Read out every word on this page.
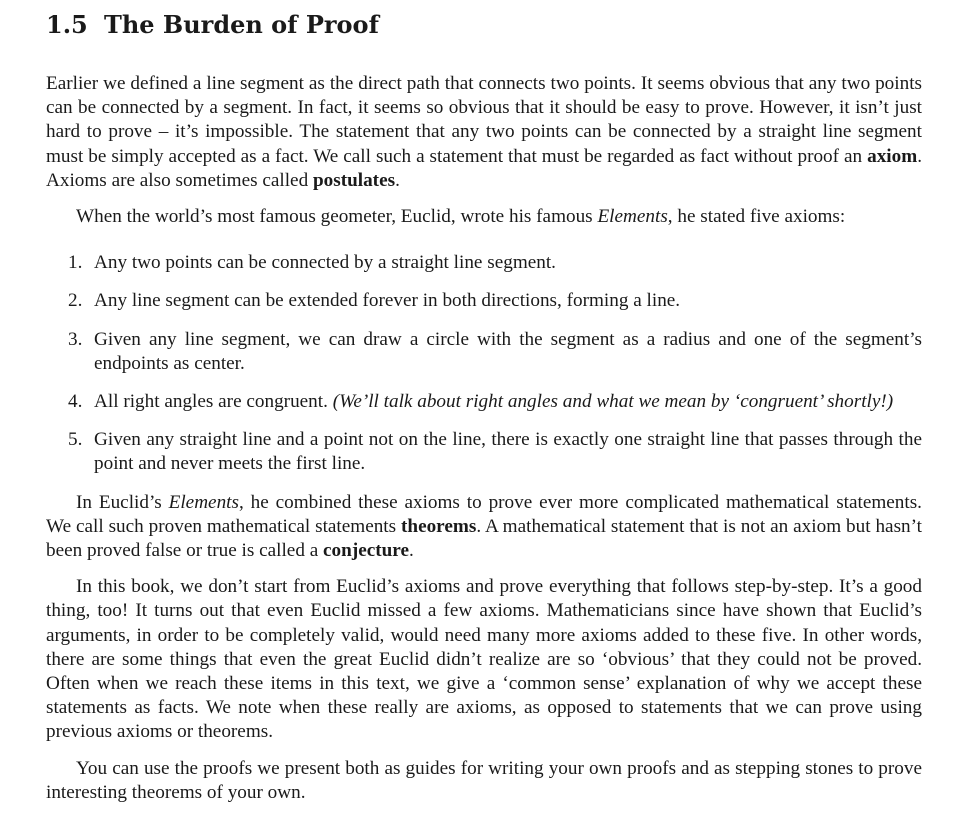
1.5 The Burden of Proof

Earlier we defined a line segment as the direct path that connects two points. It seems obvious that any two points can be connected by a segment. In fact, it seems so obvious that it should be easy to prove. However, it isn’t just hard to prove – it’s impossible. The statement that any two points can be connected by a straight line segment must be simply accepted as a fact. We call such a statement that must be regarded as fact without proof an axiom. Axioms are also sometimes called postulates.

When the world’s most famous geometer, Euclid, wrote his famous Elements, he stated five axioms:

1. Any two points can be connected by a straight line segment.
2. Any line segment can be extended forever in both directions, forming a line.
3. Given any line segment, we can draw a circle with the segment as a radius and one of the segment’s endpoints as center.
4. All right angles are congruent. (We’ll talk about right angles and what we mean by ‘congruent’ shortly!)
5. Given any straight line and a point not on the line, there is exactly one straight line that passes through the point and never meets the first line.

In Euclid’s Elements, he combined these axioms to prove ever more complicated mathematical statements. We call such proven mathematical statements theorems. A mathematical statement that is not an axiom but hasn’t been proved false or true is called a conjecture.

In this book, we don’t start from Euclid’s axioms and prove everything that follows step-by-step. It’s a good thing, too! It turns out that even Euclid missed a few axioms. Mathematicians since have shown that Euclid’s arguments, in order to be completely valid, would need many more axioms added to these five. In other words, there are some things that even the great Euclid didn’t realize are so ‘obvious’ that they could not be proved. Often when we reach these items in this text, we give a ‘common sense’ explanation of why we accept these statements as facts. We note when these really are axioms, as opposed to statements that we can prove using previous axioms or theorems.

You can use the proofs we present both as guides for writing your own proofs and as stepping stones to prove interesting theorems of your own.
